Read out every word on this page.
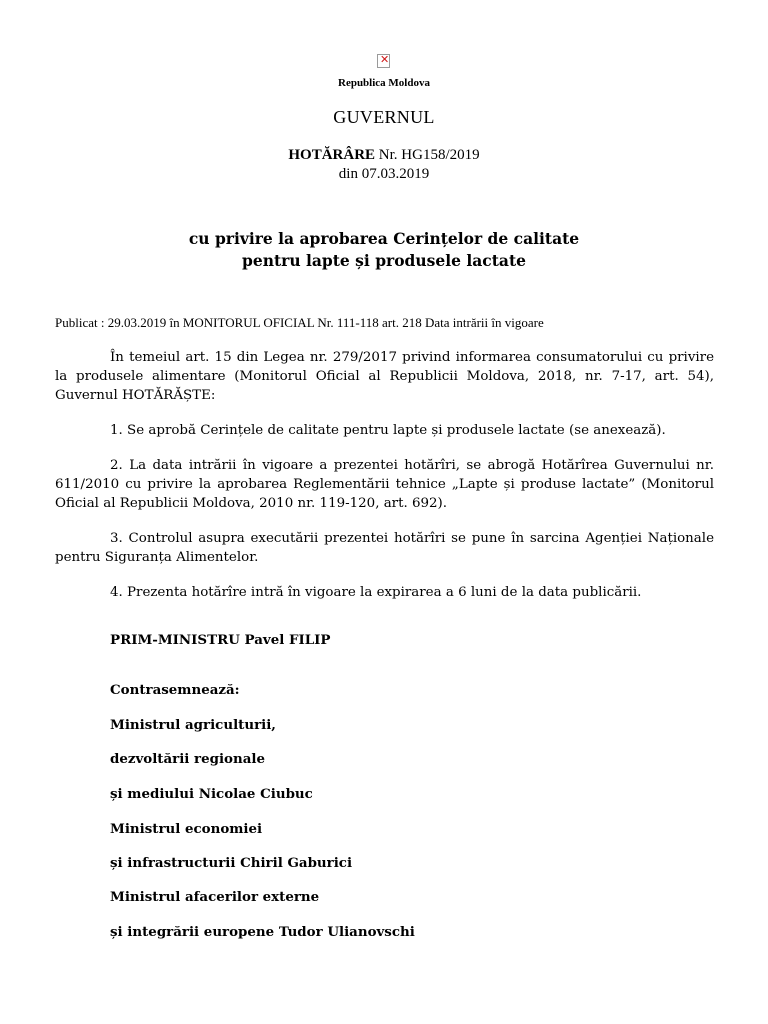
✕
Republica Moldova
GUVERNUL
HOTĂRÂRE Nr. HG158/2019
din 07.03.2019
cu privire la aprobarea Cerințelor de calitate
pentru lapte și produsele lactate
Publicat : 29.03.2019 în MONITORUL OFICIAL Nr. 111-118 art. 218 Data intrării în vigoare
În temeiul art. 15 din Legea nr. 279/2017 privind informarea consumatorului cu privire la produsele alimentare (Monitorul Oficial al Republicii Moldova, 2018, nr. 7-17, art. 54), Guvernul HOTĂRĂȘTE:
1. Se aprobă Cerințele de calitate pentru lapte și produsele lactate (se anexează).
2. La data intrării în vigoare a prezentei hotărîri, se abrogă Hotărîrea Guvernului nr. 611/2010 cu privire la aprobarea Reglementării tehnice „Lapte și produse lactate” (Monitorul Oficial al Republicii Moldova, 2010 nr. 119-120, art. 692).
3. Controlul asupra executării prezentei hotărîri se pune în sarcina Agenției Naționale pentru Siguranța Alimentelor.
4. Prezenta hotărîre intră în vigoare la expirarea a 6 luni de la data publicării.
PRIM-MINISTRU Pavel FILIP
Contrasemnează:
Ministrul agriculturii,
dezvoltării regionale
și mediului Nicolae Ciubuc
Ministrul economiei
și infrastructurii Chiril Gaburici
Ministrul afacerilor externe
și integrării europene Tudor Ulianovschi
